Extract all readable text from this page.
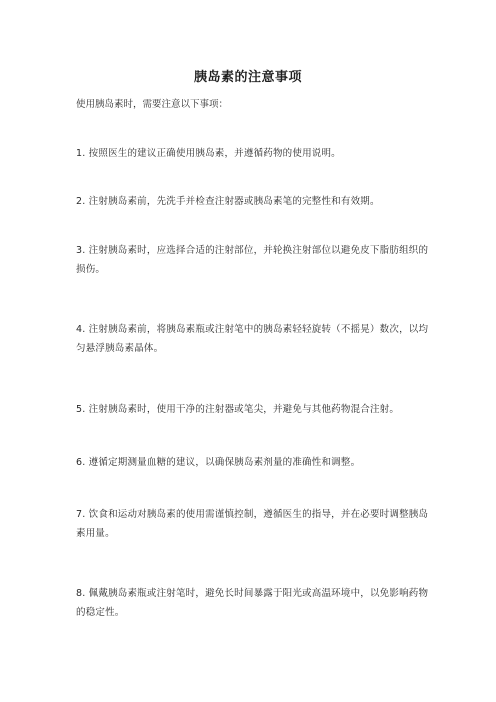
胰岛素的注意事项
使用胰岛素时，需要注意以下事项：
1. 按照医生的建议正确使用胰岛素，并遵循药物的使用说明。
2. 注射胰岛素前，先洗手并检查注射器或胰岛素笔的完整性和有效期。
3. 注射胰岛素时，应选择合适的注射部位，并轮换注射部位以避免皮下脂肪组织的损伤。
4. 注射胰岛素前，将胰岛素瓶或注射笔中的胰岛素轻轻旋转（不摇晃）数次，以均匀悬浮胰岛素晶体。
5. 注射胰岛素时，使用干净的注射器或笔尖，并避免与其他药物混合注射。
6. 遵循定期测量血糖的建议，以确保胰岛素剂量的准确性和调整。
7. 饮食和运动对胰岛素的使用需谨慎控制，遵循医生的指导，并在必要时调整胰岛素用量。
8. 佩戴胰岛素瓶或注射笔时，避免长时间暴露于阳光或高温环境中，以免影响药物的稳定性。
